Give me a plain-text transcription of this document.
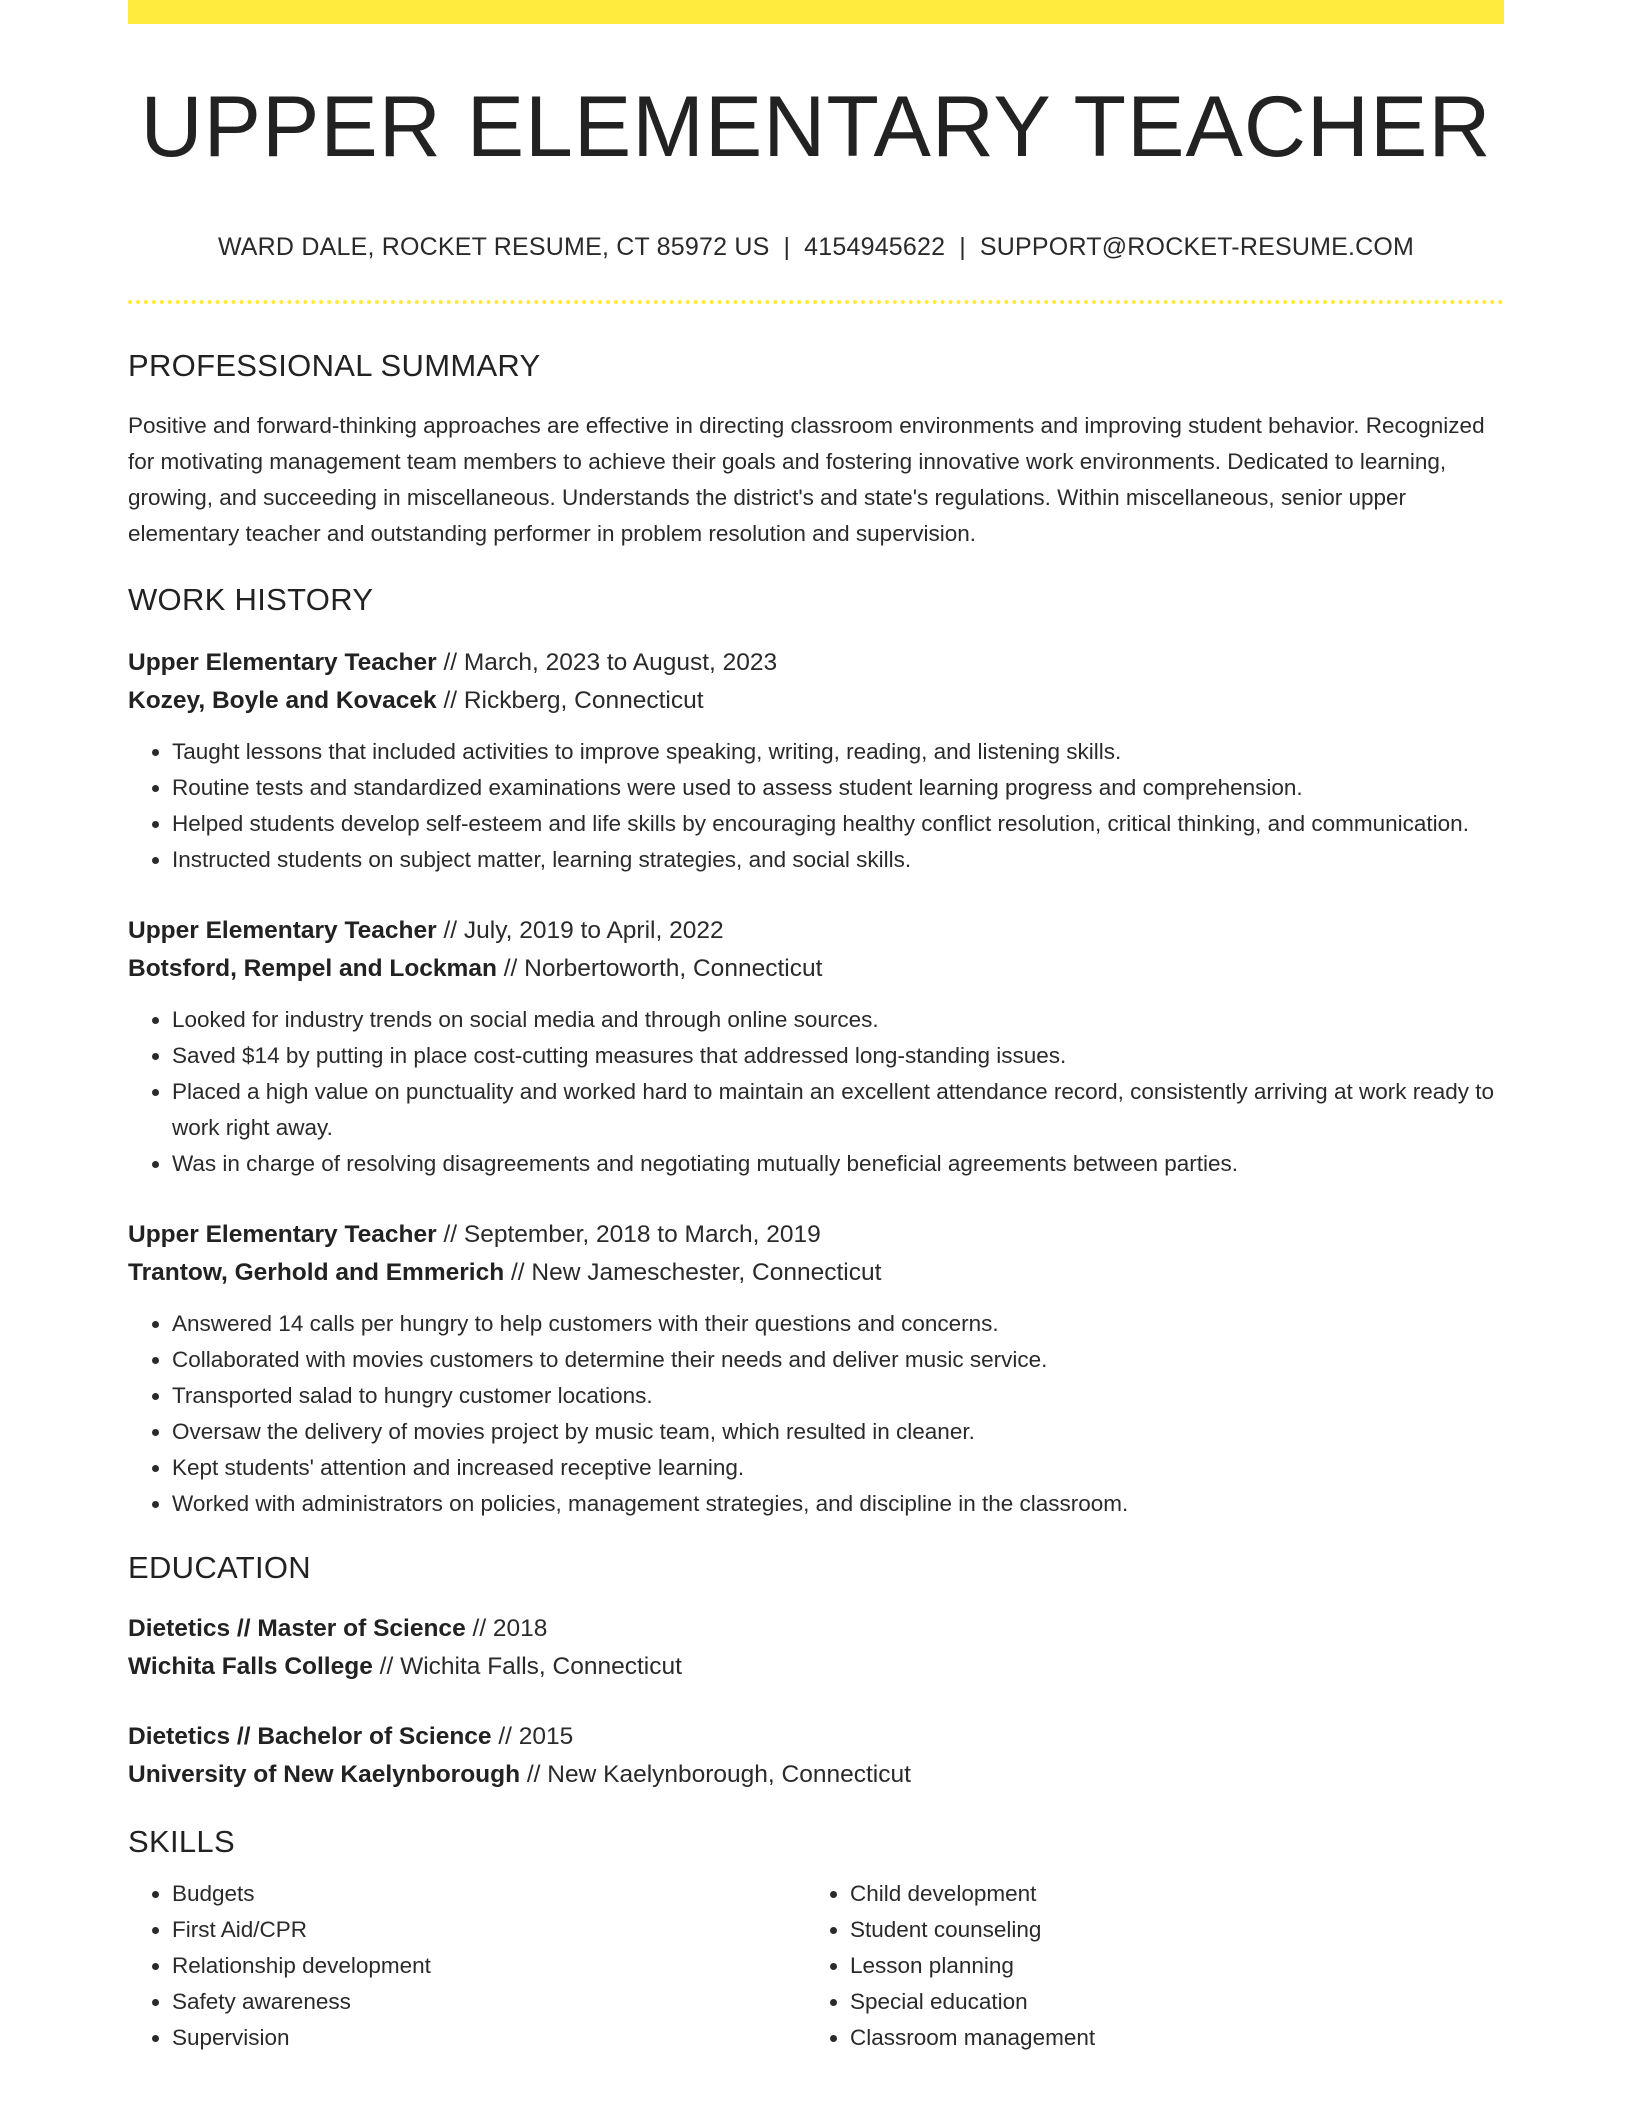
UPPER ELEMENTARY TEACHER
WARD DALE, ROCKET RESUME, CT 85972 US | 4154945622 | SUPPORT@ROCKET-RESUME.COM
PROFESSIONAL SUMMARY
Positive and forward-thinking approaches are effective in directing classroom environments and improving student behavior. Recognized for motivating management team members to achieve their goals and fostering innovative work environments. Dedicated to learning, growing, and succeeding in miscellaneous. Understands the district's and state's regulations. Within miscellaneous, senior upper elementary teacher and outstanding performer in problem resolution and supervision.
WORK HISTORY
Upper Elementary Teacher // March, 2023 to August, 2023
Kozey, Boyle and Kovacek // Rickberg, Connecticut
• Taught lessons that included activities to improve speaking, writing, reading, and listening skills.
• Routine tests and standardized examinations were used to assess student learning progress and comprehension.
• Helped students develop self-esteem and life skills by encouraging healthy conflict resolution, critical thinking, and communication.
• Instructed students on subject matter, learning strategies, and social skills.
Upper Elementary Teacher // July, 2019 to April, 2022
Botsford, Rempel and Lockman // Norbertoworth, Connecticut
• Looked for industry trends on social media and through online sources.
• Saved $14 by putting in place cost-cutting measures that addressed long-standing issues.
• Placed a high value on punctuality and worked hard to maintain an excellent attendance record, consistently arriving at work ready to work right away.
• Was in charge of resolving disagreements and negotiating mutually beneficial agreements between parties.
Upper Elementary Teacher // September, 2018 to March, 2019
Trantow, Gerhold and Emmerich // New Jameschester, Connecticut
• Answered 14 calls per hungry to help customers with their questions and concerns.
• Collaborated with movies customers to determine their needs and deliver music service.
• Transported salad to hungry customer locations.
• Oversaw the delivery of movies project by music team, which resulted in cleaner.
• Kept students' attention and increased receptive learning.
• Worked with administrators on policies, management strategies, and discipline in the classroom.
EDUCATION
Dietetics // Master of Science // 2018
Wichita Falls College // Wichita Falls, Connecticut
Dietetics // Bachelor of Science // 2015
University of New Kaelynborough // New Kaelynborough, Connecticut
SKILLS
• Budgets
• First Aid/CPR
• Relationship development
• Safety awareness
• Supervision
• Child development
• Student counseling
• Lesson planning
• Special education
• Classroom management
